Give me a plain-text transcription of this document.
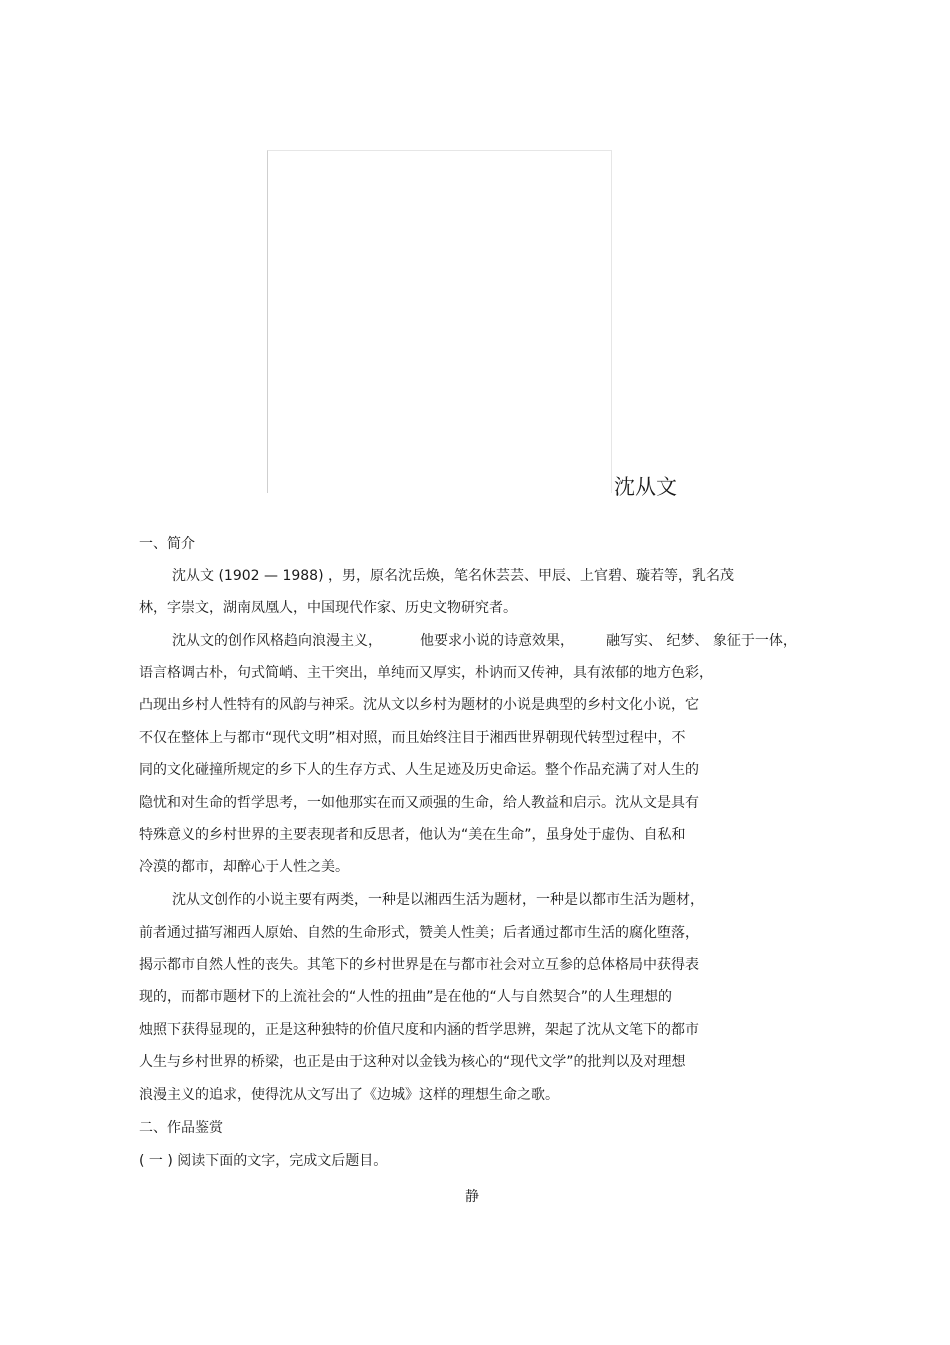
沈从文
一、简介
沈从文 (1902 — 1988) ，男，原名沈岳焕，笔名休芸芸、甲辰、上官碧、璇若等，乳名茂
林，字崇文，湖南凤凰人，中国现代作家、历史文物研究者。
沈从文的创作风格趋向浪漫主义，	他要求小说的诗意效果， 融写实、 纪梦、 象征于一体，
语言格调古朴，句式简峭、主干突出，单纯而又厚实，朴讷而又传神，具有浓郁的地方色彩，
凸现出乡村人性特有的风韵与神采。沈从文以乡村为题材的小说是典型的乡村文化小说，它
不仅在整体上与都市“现代文明”相对照，而且始终注目于湘西世界朝现代转型过程中，不
同的文化碰撞所规定的乡下人的生存方式、人生足迹及历史命运。整个作品充满了对人生的
隐忧和对生命的哲学思考，一如他那实在而又顽强的生命，给人教益和启示。沈从文是具有
特殊意义的乡村世界的主要表现者和反思者，他认为“美在生命”，虽身处于虚伪、自私和
冷漠的都市，却醉心于人性之美。
沈从文创作的小说主要有两类，一种是以湘西生活为题材，一种是以都市生活为题材，
前者通过描写湘西人原始、自然的生命形式，赞美人性美；后者通过都市生活的腐化堕落，
揭示都市自然人性的丧失。其笔下的乡村世界是在与都市社会对立互参的总体格局中获得表
现的，而都市题材下的上流社会的“人性的扭曲”是在他的“人与自然契合”的人生理想的
烛照下获得显现的，正是这种独特的价值尺度和内涵的哲学思辨，架起了沈从文笔下的都市
人生与乡村世界的桥梁，也正是由于这种对以金钱为核心的“现代文学”的批判以及对理想
浪漫主义的追求，使得沈从文写出了《边城》这样的理想生命之歌。
二、作品鉴赏
( 一 ) 阅读下面的文字，完成文后题目。
静
